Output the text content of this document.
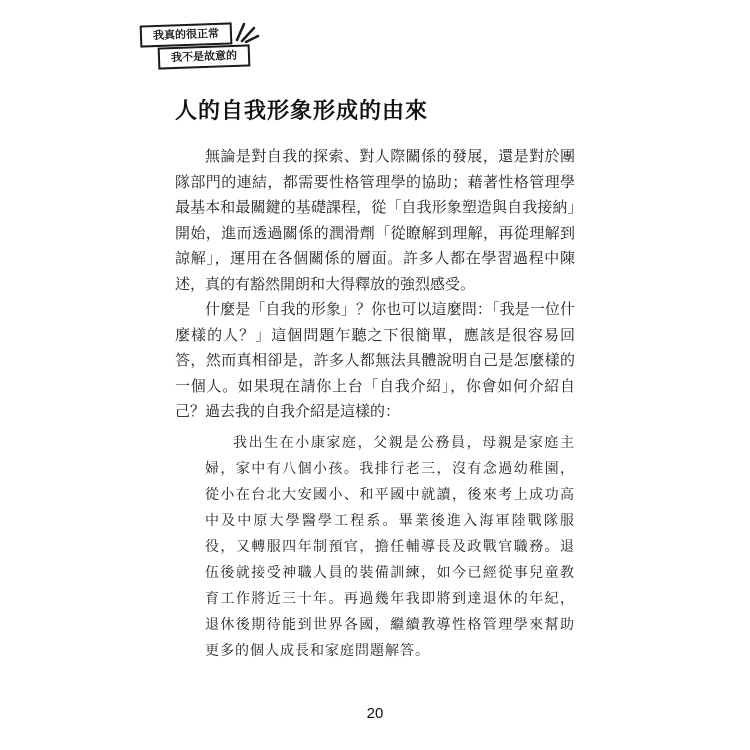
我真的很正常
我不是故意的
人的自我形象形成的由來

無論是對自我的探索、對人際關係的發展，還是對於團隊部門的連結，都需要性格管理學的協助；藉著性格管理學最基本和最關鍵的基礎課程，從「自我形象塑造與自我接納」開始，進而透過關係的潤滑劑「從瞭解到理解，再從理解到諒解」，運用在各個關係的層面。許多人都在學習過程中陳述，真的有豁然開朗和大得釋放的強烈感受。

什麼是「自我的形象」？你也可以這麼問：「我是一位什麼樣的人？」這個問題乍聽之下很簡單，應該是很容易回答，然而真相卻是，許多人都無法具體說明自己是怎麼樣的一個人。如果現在請你上台「自我介紹」，你會如何介紹自己？過去我的自我介紹是這樣的：

我出生在小康家庭，父親是公務員，母親是家庭主婦，家中有八個小孩。我排行老三，沒有念過幼稚園，從小在台北大安國小、和平國中就讀，後來考上成功高中及中原大學醫學工程系。畢業後進入海軍陸戰隊服役，又轉服四年制預官，擔任輔導長及政戰官職務。退伍後就接受神職人員的裝備訓練，如今已經從事兒童教育工作將近三十年。再過幾年我即將到達退休的年紀，退休後期待能到世界各國，繼續教導性格管理學來幫助更多的個人成長和家庭問題解答。

20
